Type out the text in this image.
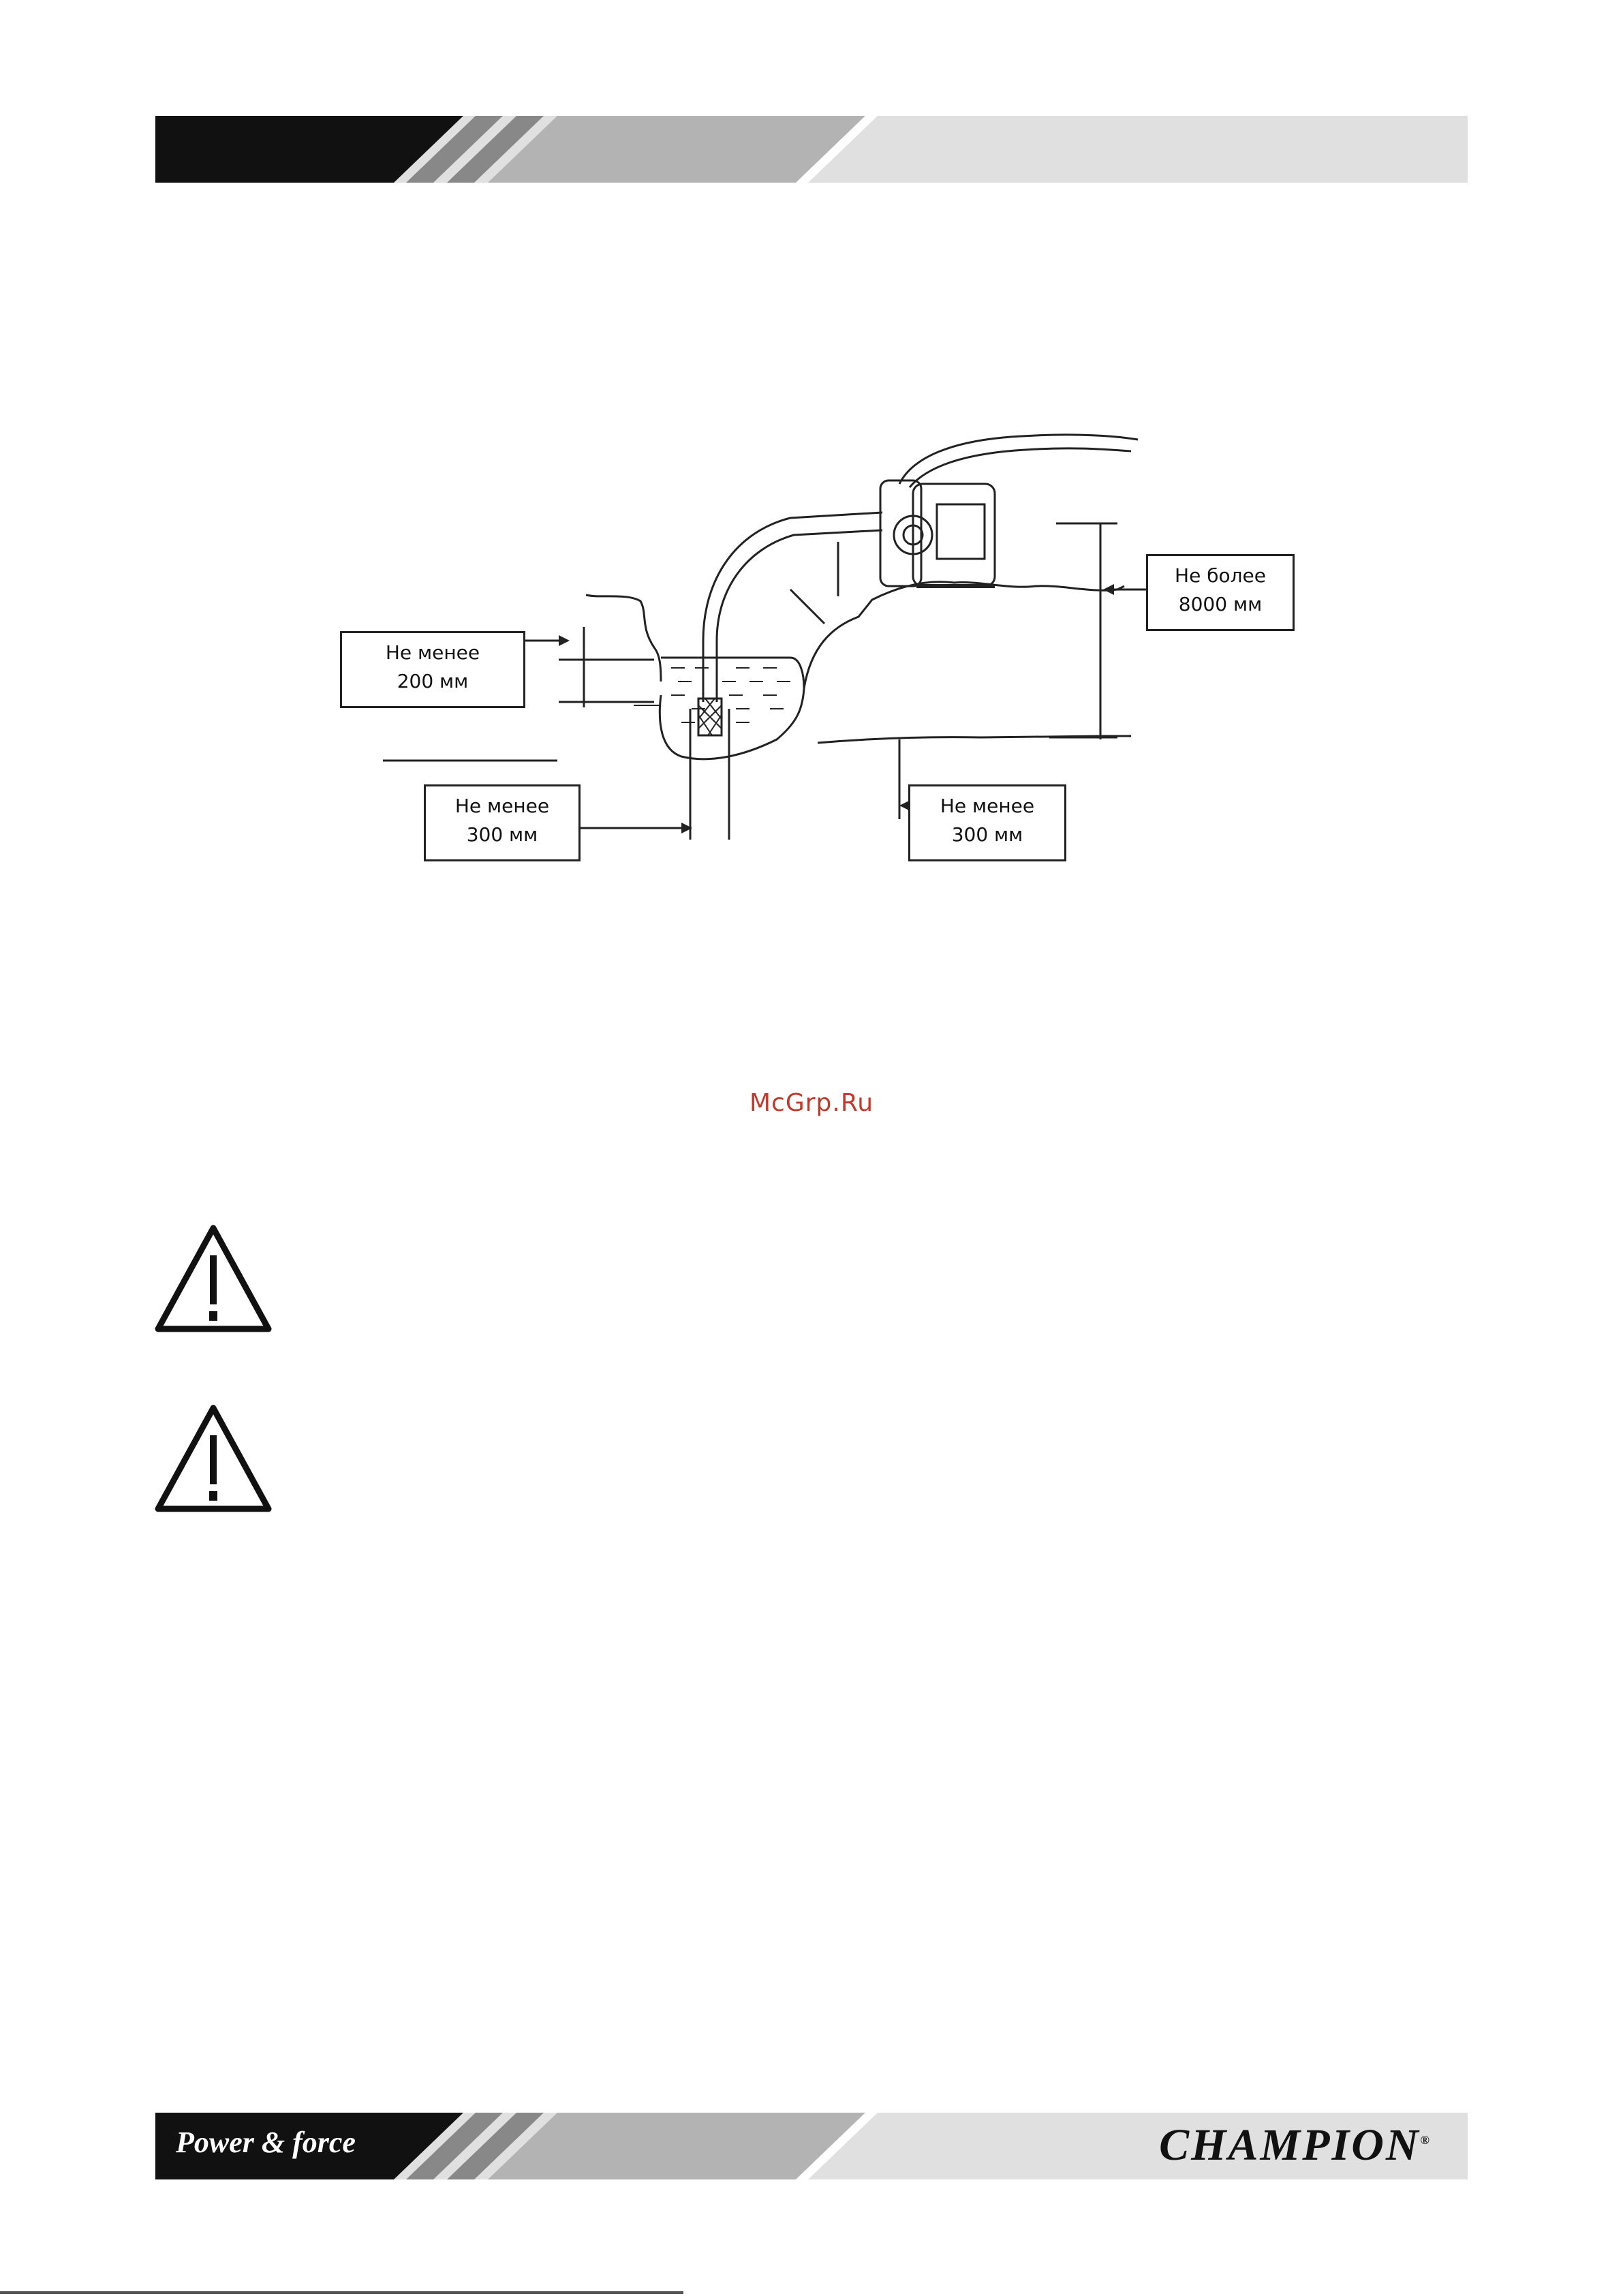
Не менее
200 мм
Не более
8000 мм
Не менее
300 мм
Не менее
300 мм
McGrp.Ru
Power & force	CHAMPION®
